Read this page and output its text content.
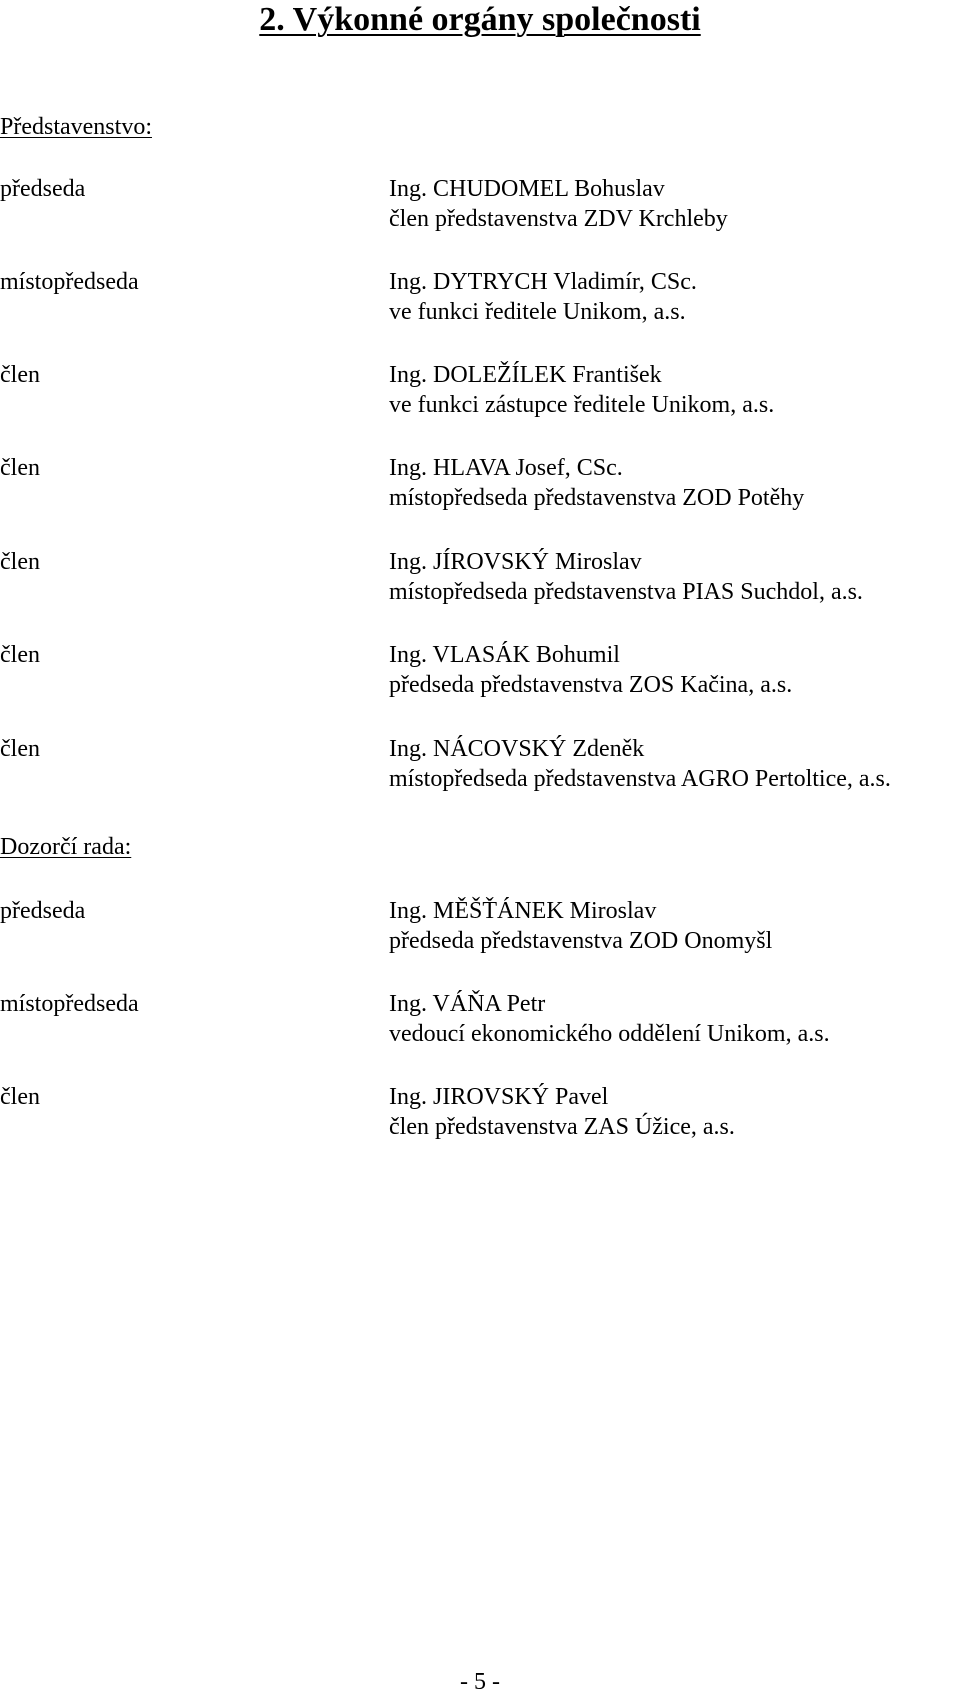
2. Výkonné orgány společnosti
Představenstvo:
předseda	Ing. CHUDOMEL Bohuslav
člen představenstva ZDV Krchleby
místopředseda	Ing. DYTRYCH Vladimír, CSc.
ve funkci ředitele Unikom, a.s.
člen	Ing. DOLEŽÍLEK František
ve funkci zástupce ředitele Unikom, a.s.
člen	Ing. HLAVA Josef, CSc.
místopředseda představenstva ZOD Potěhy
člen	Ing. JÍROVSKÝ Miroslav
místopředseda představenstva PIAS Suchdol, a.s.
člen	Ing. VLASÁK Bohumil
předseda představenstva ZOS Kačina, a.s.
člen	Ing. NÁCOVSKÝ Zdeněk
místopředseda představenstva AGRO Pertoltice, a.s.
Dozorčí rada:
předseda	Ing. MĚŠŤÁNEK Miroslav
předseda představenstva ZOD Onomyšl
místopředseda	Ing. VÁŇA Petr
vedoucí ekonomického oddělení Unikom, a.s.
člen	Ing. JIROVSKÝ Pavel
člen představenstva ZAS Úžice, a.s.
- 5 -
